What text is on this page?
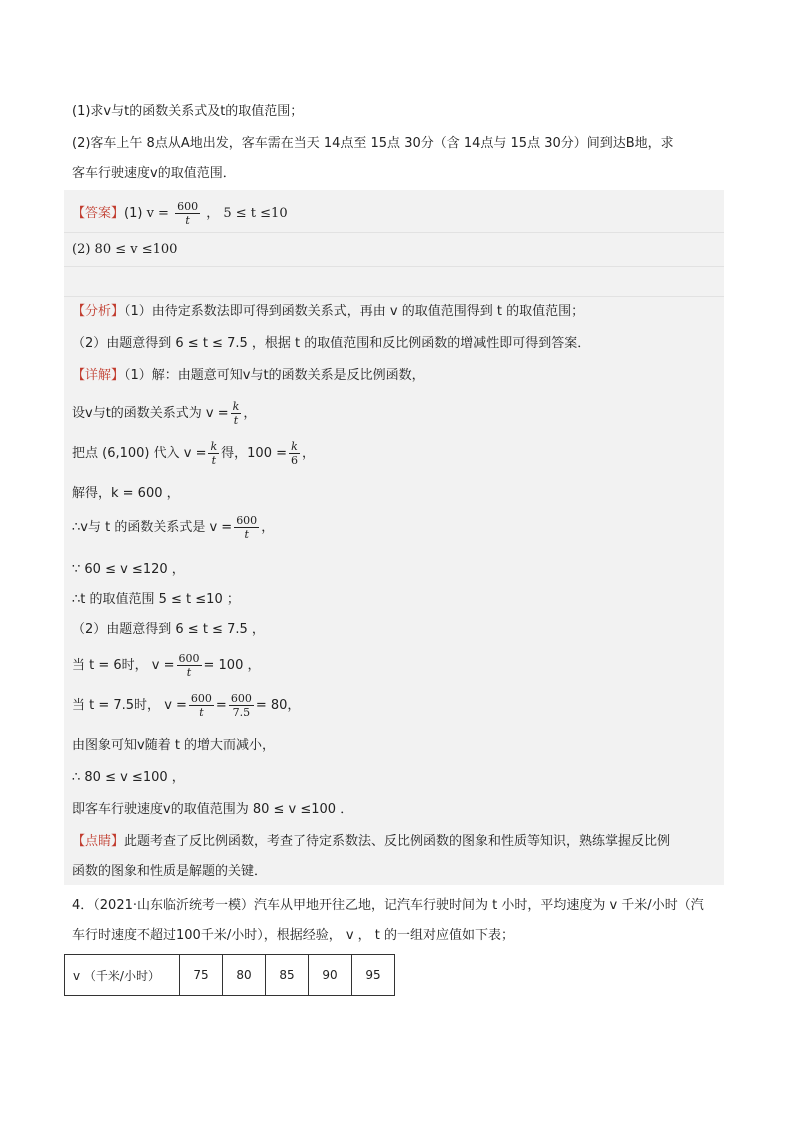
(1)求v与t的函数关系式及t的取值范围；
(2)客车上午 8点从A地出发，客车需在当天 14点至 15点 30分（含 14点与 15点 30分）间到达B地，求
客车行驶速度v的取值范围．
【答案】(1) $v = \frac{600}{t}$ ， 5 ≤ t ≤10
(2) 80 ≤ v ≤100
【分析】（1）由待定系数法即可得到函数关系式，再由 v 的取值范围得到 t 的取值范围；
（2）由题意得到 6 ≤ t ≤ 7.5 ，根据 t 的取值范围和反比例函数的增减性即可得到答案．
【详解】（1）解：由题意可知v与t的函数关系是反比例函数，
设v与t的函数关系式为 $v = \frac{k}{t}$ ，
把点 (6,100) 代入 $v = \frac{k}{t}$ 得，$100 = \frac{k}{6}$ ，
解得，k = 600 ，
∴v与 t 的函数关系式是 $v = \frac{600}{t}$ ，
∵ 60 ≤ v ≤120 ，
∴t 的取值范围 5 ≤ t ≤10 ；
（2）由题意得到 6 ≤ t ≤ 7.5 ，
当 t = 6时， $v = \frac{600}{t} = 100$ ，
当 t = 7.5时， $v = \frac{600}{t} = \frac{600}{7.5} = 80$，
由图象可知v随着 t 的增大而减小，
∴ 80 ≤ v ≤100 ，
即客车行驶速度v的取值范围为 80 ≤ v ≤100 ．
【点睛】此题考查了反比例函数，考查了待定系数法、反比例函数的图象和性质等知识，熟练掌握反比例
函数的图象和性质是解题的关键．
4．（2021·山东临沂统考一模）汽车从甲地开往乙地，记汽车行驶时间为 t 小时，平均速度为 v 千米/小时（汽
车行时速度不超过100千米/小时），根据经验， v ， t 的一组对应值如下表；
v （千米/小时）	75	80	85	90	95
